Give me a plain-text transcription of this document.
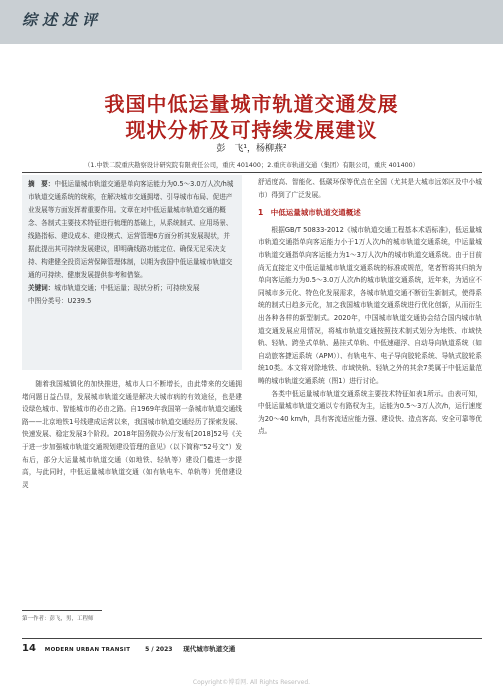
综述述评
我国中低运量城市轨道交通发展
现状分析及可持续发展建议
彭　飞¹，杨柳燕²
（1.中铁二院重庆勘察设计研究院有限责任公司，重庆 401400；2.重庆市轨道交通（集团）有限公司，重庆 401400）
摘　要：中低运量城市轨道交通是单向客运能力为0.5～3.0万人次/h城市轨道交通系统的统称，在解决城市交通拥堵、引导城市布局、促进产业发展等方面发挥着重要作用。文章在对中低运量城市轨道交通的概念、各制式主要技术特征进行梳理的基础上，从系统制式、应用场景、线路指标、建设成本、建设模式、运营管理6方面分析其发展现状，并据此提出其可持续发展建议，即明确线路功能定位、确保无足采决支持、构建健全投资运营保障管理体制，以期为我国中低运量城市轨道交通的可持续、健康发展提供参考和借鉴。
关键词：城市轨道交通；中低运量；现状分析；可持续发展
中图分类号：U239.5
随着我国城镇化的加快推进，城市人口不断增长，由此带来的交通拥堵问题日益凸显，发展城市轨道交通是解决大城市病的有效途径，也是建设绿色城市、智能城市的必由之路。自1969年我国第一条城市轨道交通线路——北京地铁1号线建成运营以来，我国城市轨道交通经历了探索发展、快速发展、稳定发展3个阶段。2018年国务院办公厅发布[2018]52号《关于进一步加强城市轨道交通规划建设管理的意见》（以下简称“52号文”）发布后，部分大运量城市轨道交通（如地铁、轻轨等）建设门槛进一步提高，与此同时，中低运量城市轨道交通（如有轨电车、单轨等）凭借建设灵
舒适度高、智能化、低碳环保等优点在全国（尤其是大城市远郊区及中小城市）得到了广泛发展。
1　中低运量城市轨道交通概述
根据GB/T 50833-2012《城市轨道交通工程基本术语标准》，低运量城市轨道交通指单向客运能力小于1万人次/h的城市轨道交通系统，中运量城市轨道交通指单向客运能力为1～3万人次/h的城市轨道交通系统。由于目前尚无直接定义中低运量城市轨道交通系统的标准或规范，笔者暂将其归纳为单向客运能力为0.5～3.0万人次/h的城市轨道交通系统，近年来，为适应不同城市多元化、特色化发展需求，各城市轨道交通不断衍生新制式，使得系统的制式日趋多元化，加之我国城市轨道交通系统进行优化创新，从而衍生出各种各样的新型制式。2020年，中国城市轨道交通协会结合国内城市轨道交通发展应用情况，将城市轨道交通按照技术制式划分为地铁、市域快轨、轻轨、跨坐式单轨、悬挂式单轨、中低速磁浮、自动导向轨道系统（如自动旅客捷运系统（APM））、有轨电车、电子导向胶轮系统、导轨式胶轮系统10类。本文将对除地铁、市域快轨、轻轨之外的其余7类属于中低运量范畴的城市轨道交通系统（图1）进行讨论。
各类中低运量城市轨道交通系统主要技术特征如表1所示。由表可知，中低运量城市轨道交通以专有路权为主，运能为0.5～3万人次/h，运行速度为20～40 km/h，具有客流适应能力强、建设快、造点客高、安全可靠等优点。
第一作者：彭飞，男，工程师
14 MODERN URBAN TRANSIT 5 / 2023 现代城市轨道交通
Copyright©博看网. All Rights Reserved.
